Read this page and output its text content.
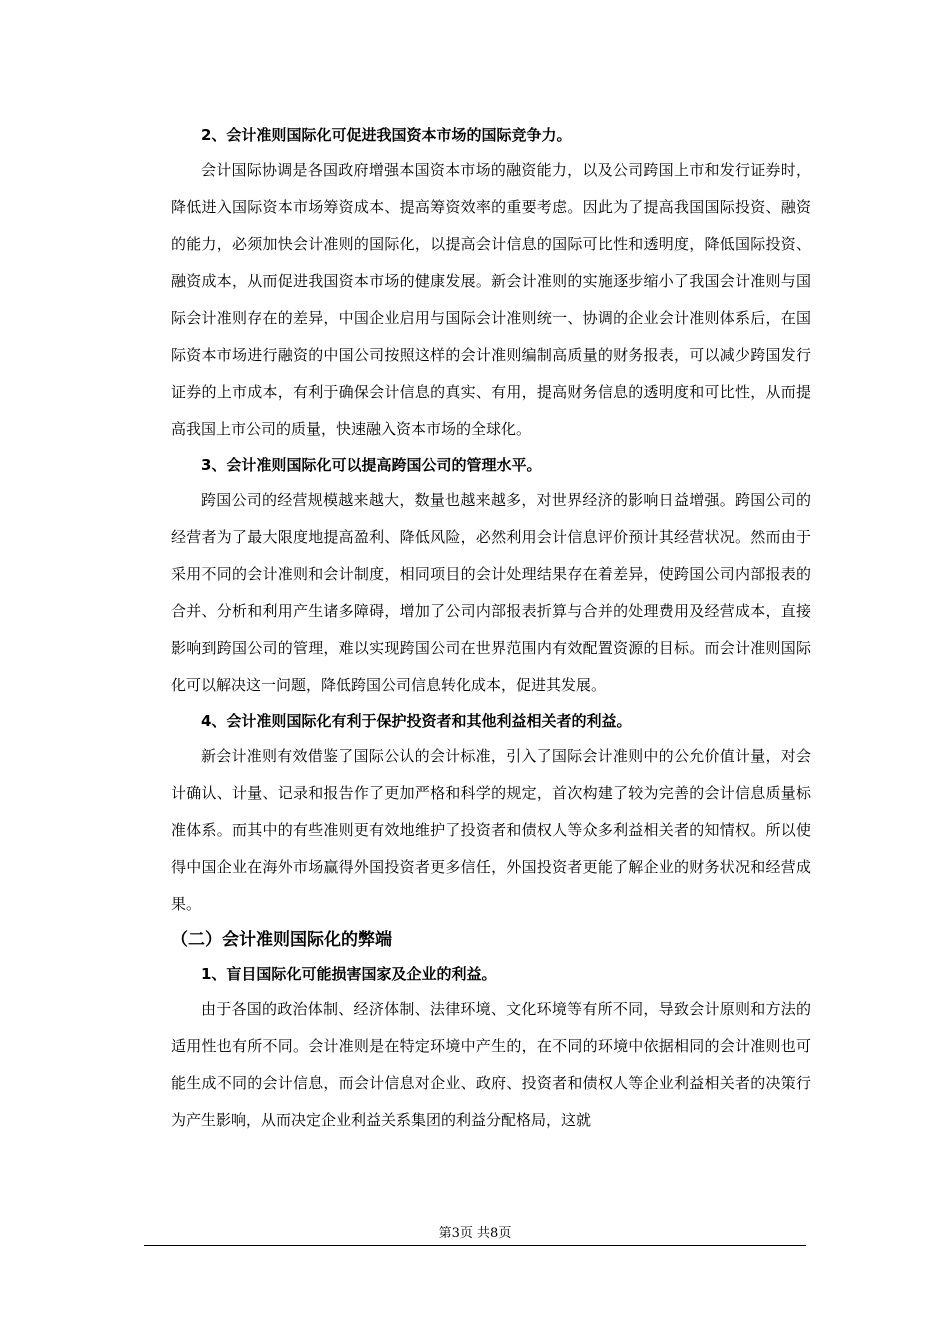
2、会计准则国际化可促进我国资本市场的国际竞争力。

会计国际协调是各国政府增强本国资本市场的融资能力，以及公司跨国上市和发行证券时，降低进入国际资本市场筹资成本、提高筹资效率的重要考虑。因此为了提高我国国际投资、融资的能力，必须加快会计准则的国际化，以提高会计信息的国际可比性和透明度，降低国际投资、融资成本，从而促进我国资本市场的健康发展。新会计准则的实施逐步缩小了我国会计准则与国际会计准则存在的差异，中国企业启用与国际会计准则统一、协调的企业会计准则体系后，在国际资本市场进行融资的中国公司按照这样的会计准则编制高质量的财务报表，可以减少跨国发行证券的上市成本，有利于确保会计信息的真实、有用，提高财务信息的透明度和可比性，从而提高我国上市公司的质量，快速融入资本市场的全球化。

3、会计准则国际化可以提高跨国公司的管理水平。

跨国公司的经营规模越来越大，数量也越来越多，对世界经济的影响日益增强。跨国公司的经营者为了最大限度地提高盈利、降低风险，必然利用会计信息评价预计其经营状况。然而由于采用不同的会计准则和会计制度，相同项目的会计处理结果存在着差异，使跨国公司内部报表的合并、分析和利用产生诸多障碍，增加了公司内部报表折算与合并的处理费用及经营成本，直接影响到跨国公司的管理，难以实现跨国公司在世界范围内有效配置资源的目标。而会计准则国际化可以解决这一问题，降低跨国公司信息转化成本，促进其发展。

4、会计准则国际化有利于保护投资者和其他利益相关者的利益。

新会计准则有效借鉴了国际公认的会计标准，引入了国际会计准则中的公允价值计量，对会计确认、计量、记录和报告作了更加严格和科学的规定，首次构建了较为完善的会计信息质量标准体系。而其中的有些准则更有效地维护了投资者和债权人等众多利益相关者的知情权。所以使得中国企业在海外市场赢得外国投资者更多信任，外国投资者更能了解企业的财务状况和经营成果。

（二）会计准则国际化的弊端
1、盲目国际化可能损害国家及企业的利益。

由于各国的政治体制、经济体制、法律环境、文化环境等有所不同，导致会计原则和方法的适用性也有所不同。会计准则是在特定环境中产生的，在不同的环境中依据相同的会计准则也可能生成不同的会计信息，而会计信息对企业、政府、投资者和债权人等企业利益相关者的决策行为产生影响，从而决定企业利益关系集团的利益分配格局，这就

第3页 共8页
